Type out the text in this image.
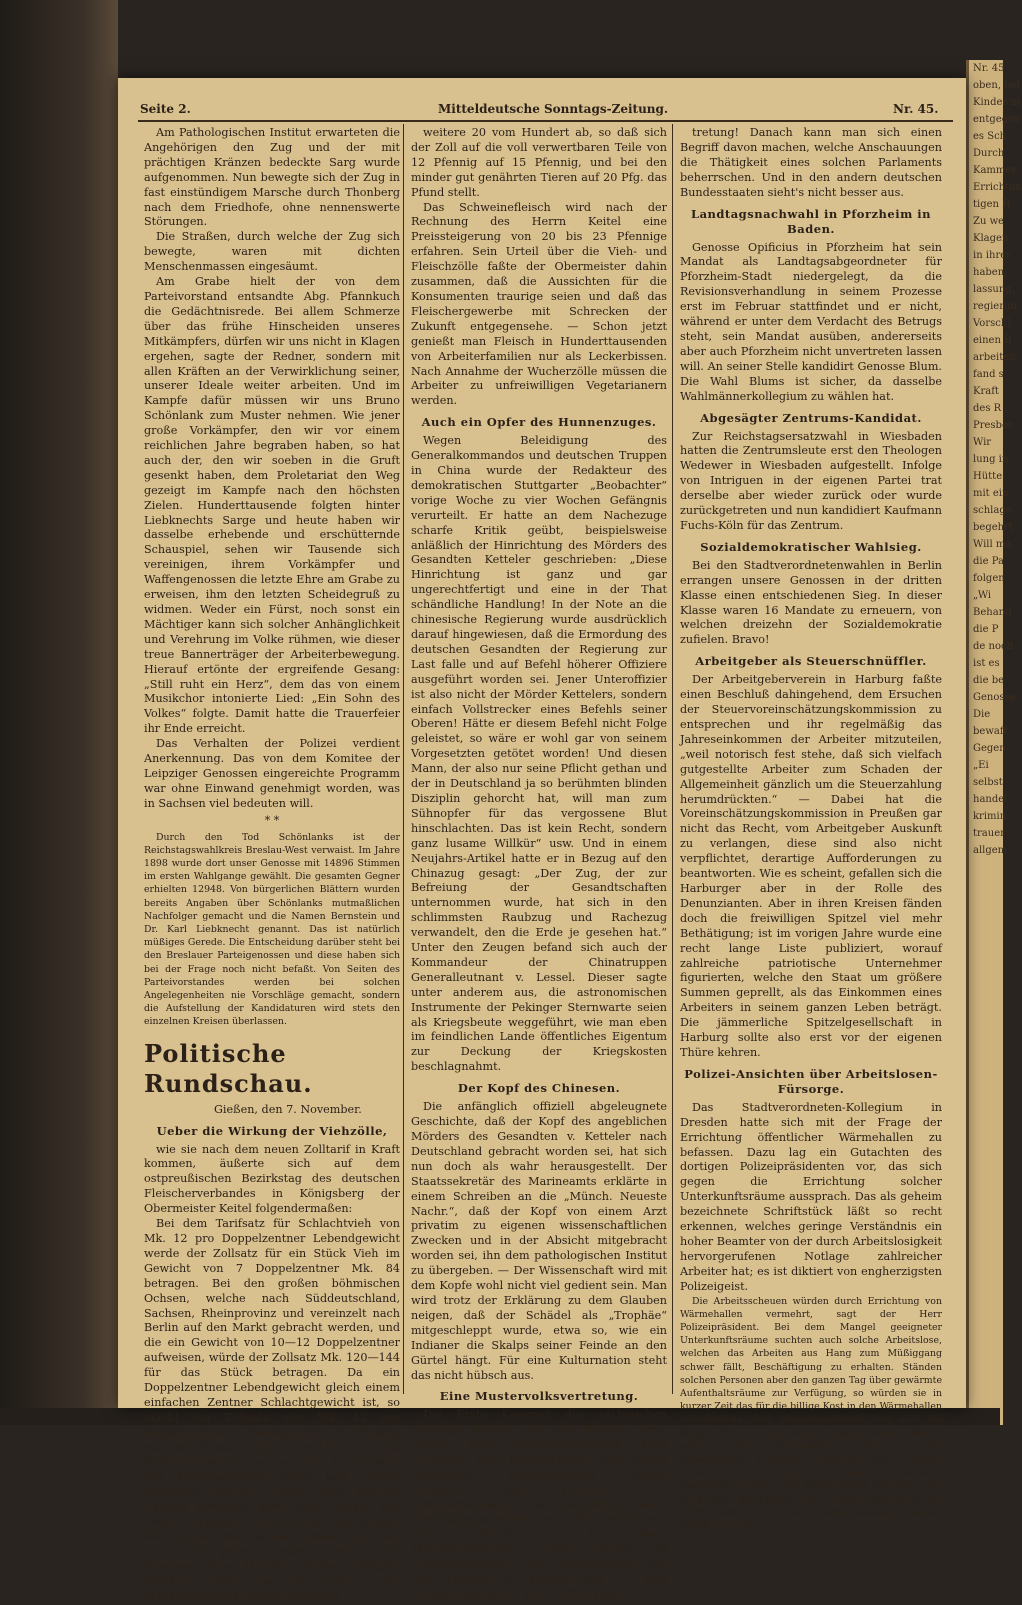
Nr. 45
oben, bei
Kinder m
entgegen
es Sch
Durch
Kammer
Errichtun
tigen H
Zu we
Klagen
in ihrer
haben,
lassung,
regierun
Vorschl
einen B
arbeiten
fand s
Kraft
des R
Presbes
Wir
lung in
Hütte
mit ein
schlage
begehrt
Will ma
die Pa
folgen
„Wi
Behand
die P
de noch
ist es
die be
Genosse
Die
bewaff
Gegen
„Ei
selbst
handel
krimin
trauer
allgem
Seite 2.	Mitteldeutsche Sonntags-Zeitung.	Nr. 45.

Am Pathologischen Institut erwarteten die Angehörigen den Zug und der mit prächtigen Kränzen bedeckte Sarg wurde aufgenommen. Nun bewegte sich der Zug in fast einstündigem Marsche durch Thonberg nach dem Friedhofe, ohne nennenswerte Störungen.

Die Straßen, durch welche der Zug sich bewegte, waren mit dichten Menschenmassen eingesäumt.

Am Grabe hielt der von dem Parteivorstand entsandte Abg. Pfannkuch die Gedächtnisrede. Bei allem Schmerze über das frühe Hinscheiden unseres Mitkämpfers, dürfen wir uns nicht in Klagen ergehen, sagte der Redner, sondern mit allen Kräften an der Verwirklichung seiner, unserer Ideale weiter arbeiten. Und im Kampfe dafür müssen wir uns Bruno Schönlank zum Muster nehmen. Wie jener große Vorkämpfer, den wir vor einem reichlichen Jahre begraben haben, so hat auch der, den wir soeben in die Gruft gesenkt haben, dem Proletariat den Weg gezeigt im Kampfe nach den höchsten Zielen. Hunderttausende folgten hinter Liebknechts Sarge und heute haben wir dasselbe erhebende und erschütternde Schauspiel, sehen wir Tausende sich vereinigen, ihrem Vorkämpfer und Waffengenossen die letzte Ehre am Grabe zu erweisen, ihm den letzten Scheidegruß zu widmen. Weder ein Fürst, noch sonst ein Mächtiger kann sich solcher Anhänglichkeit und Verehrung im Volke rühmen, wie dieser treue Bannerträger der Arbeiterbewegung. Hierauf ertönte der ergreifende Gesang: „Still ruht ein Herz“, dem das von einem Musikchor intonierte Lied: „Ein Sohn des Volkes“ folgte. Damit hatte die Trauerfeier ihr Ende erreicht.

Das Verhalten der Polizei verdient Anerkennung. Das von dem Komitee der Leipziger Genossen eingereichte Programm war ohne Einwand genehmigt worden, was in Sachsen viel bedeuten will.

* *

Durch den Tod Schönlanks ist der Reichstagswahlkreis Breslau-West verwaist. Im Jahre 1898 wurde dort unser Genosse mit 14896 Stimmen im ersten Wahlgange gewählt. Die gesamten Gegner erhielten 12948. Von bürgerlichen Blättern wurden bereits Angaben über Schönlanks mutmaßlichen Nachfolger gemacht und die Namen Bernstein und Dr. Karl Liebknecht genannt. Das ist natürlich müßiges Gerede. Die Entscheidung darüber steht bei den Breslauer Parteigenossen und diese haben sich bei der Frage noch nicht befaßt. Von Seiten des Parteivorstandes werden bei solchen Angelegenheiten nie Vorschläge gemacht, sondern die Aufstellung der Kandidaturen wird stets den einzelnen Kreisen überlassen.

Politische Rundschau.

Gießen, den 7. November.

Ueber die Wirkung der Viehzölle,

wie sie nach dem neuen Zolltarif in Kraft kommen, äußerte sich auf dem ostpreußischen Bezirkstag des deutschen Fleischerverbandes in Königsberg der Obermeister Keitel folgendermaßen:

Bei dem Tarifsatz für Schlachtvieh von Mk. 12 pro Doppelzentner Lebendgewicht werde der Zollsatz für ein Stück Vieh im Gewicht von 7 Doppelzentner Mk. 84 betragen. Bei den großen böhmischen Ochsen, welche nach Süddeutschland, Sachsen, Rheinprovinz und vereinzelt nach Berlin auf den Markt gebracht werden, und die ein Gewicht von 10—12 Doppelzentner aufweisen, würde der Zollsatz Mk. 120—144 für das Stück betragen. Da ein Doppelzentner Lebendgewicht gleich einem einfachen Zentner Schlachtgewicht ist, so macht ein Zollsatz von Mk. 12 pro Doppelzentner Lebendgewicht 12 Pfennig auf das Pfund Schlachtgewicht aus. Das Schlachtgewicht aber sei noch lange nicht das Fleischgewicht. Jeder Laie müsse erkennen, daß bei einem Tiere, das im Ganzen gewogen wird, eine Anzahl von Teilen vorhanden sei, die fast gar keinen Wert haben und auf die deshalb auch ein Zoll nicht gelegt werden dürfe, z. B. Knochen, Beine, Halsteile, Sehnen, Abfälle, Flanken, Fett usw. So gehen vom Schlachtgewicht, wenig gerechnet,

weitere 20 vom Hundert ab, so daß sich der Zoll auf die voll verwertbaren Teile von 12 Pfennig auf 15 Pfennig, und bei den minder gut genährten Tieren auf 20 Pfg. das Pfund stellt.

Das Schweinefleisch wird nach der Rechnung des Herrn Keitel eine Preissteigerung von 20 bis 23 Pfennige erfahren. Sein Urteil über die Vieh- und Fleischzölle faßte der Obermeister dahin zusammen, daß die Aussichten für die Konsumenten traurige seien und daß das Fleischergewerbe mit Schrecken der Zukunft entgegensehe. — Schon jetzt genießt man Fleisch in Hunderttausenden von Arbeiterfamilien nur als Leckerbissen. Nach Annahme der Wucherzölle müssen die Arbeiter zu unfreiwilligen Vegetarianern werden.

Auch ein Opfer des Hunnenzuges.

Wegen Beleidigung des Generalkommandos und deutschen Truppen in China wurde der Redakteur des demokratischen Stuttgarter „Beobachter“ vorige Woche zu vier Wochen Gefängnis verurteilt. Er hatte an dem Nachezuge scharfe Kritik geübt, beispielsweise anläßlich der Hinrichtung des Mörders des Gesandten Ketteler geschrieben: „Diese Hinrichtung ist ganz und gar ungerechtfertigt und eine in der That schändliche Handlung! In der Note an die chinesische Regierung wurde ausdrücklich darauf hingewiesen, daß die Ermordung des deutschen Gesandten der Regierung zur Last falle und auf Befehl höherer Offiziere ausgeführt worden sei. Jener Unteroffizier ist also nicht der Mörder Kettelers, sondern einfach Vollstrecker eines Befehls seiner Oberen! Hätte er diesem Befehl nicht Folge geleistet, so wäre er wohl gar von seinem Vorgesetzten getötet worden! Und diesen Mann, der also nur seine Pflicht gethan und der in Deutschland ja so berühmten blinden Disziplin gehorcht hat, will man zum Sühnopfer für das vergossene Blut hinschlachten. Das ist kein Recht, sondern ganz lusame Willkür“ usw. Und in einem Neujahrs-Artikel hatte er in Bezug auf den Chinazug gesagt: „Der Zug, der zur Befreiung der Gesandtschaften unternommen wurde, hat sich in den schlimmsten Raubzug und Rachezug verwandelt, den die Erde je gesehen hat.“ Unter den Zeugen befand sich auch der Kommandeur der Chinatruppen Generalleutnant v. Lessel. Dieser sagte unter anderem aus, die astronomischen Instrumente der Pekinger Sternwarte seien als Kriegsbeute weggeführt, wie man eben im feindlichen Lande öffentliches Eigentum zur Deckung der Kriegskosten beschlagnahmt.

Der Kopf des Chinesen.

Die anfänglich offiziell abgeleugnete Geschichte, daß der Kopf des angeblichen Mörders des Gesandten v. Ketteler nach Deutschland gebracht worden sei, hat sich nun doch als wahr herausgestellt. Der Staatssekretär des Marineamts erklärte in einem Schreiben an die „Münch. Neueste Nachr.“, daß der Kopf von einem Arzt privatim zu eigenen wissenschaftlichen Zwecken und in der Absicht mitgebracht worden sei, ihn dem pathologischen Institut zu übergeben. — Der Wissenschaft wird mit dem Kopfe wohl nicht viel gedient sein. Man wird trotz der Erklärung zu dem Glauben neigen, daß der Schädel als „Trophäe“ mitgeschleppt wurde, etwa so, wie ein Indianer die Skalps seiner Feinde an den Gürtel hängt. Für eine Kulturnation steht das nicht hübsch aus.

Eine Mustervolksvertretung.

Die Erste Kammer des sächsischen Landtags besteht aus drei Prinzen, zehn Grafen, neun Rittergutsbesitzern, zwei Freiherrn, fünf Kammerherrn, drei hohen geistlichen Würdenträgern, einem Domherrn, einem Professor, drei Kommerzienräten, einem Geheimrat, sieben Oberbürgermeistern, zwei Bürgermeistern, einem Minister a. D., einem Ministerialdirektor. Unter diesen 49 „Volksvertretern“ sind einschließlich der drei Prinzen 25 adelige und 29 sind Großgrundbesitzer. Eine nette „Volks“ver-

tretung! Danach kann man sich einen Begriff davon machen, welche Anschauungen die Thätigkeit eines solchen Parlaments beherrschen. Und in den andern deutschen Bundesstaaten sieht's nicht besser aus.

Landtagsnachwahl in Pforzheim in Baden.

Genosse Opificius in Pforzheim hat sein Mandat als Landtagsabgeordneter für Pforzheim-Stadt niedergelegt, da die Revisionsverhandlung in seinem Prozesse erst im Februar stattfindet und er nicht, während er unter dem Verdacht des Betrugs steht, sein Mandat ausüben, andererseits aber auch Pforzheim nicht unvertreten lassen will. An seiner Stelle kandidirt Genosse Blum. Die Wahl Blums ist sicher, da dasselbe Wahlmännerkollegium zu wählen hat.

Abgesägter Zentrums-Kandidat.

Zur Reichstagsersatzwahl in Wiesbaden hatten die Zentrumsleute erst den Theologen Wedewer in Wiesbaden aufgestellt. Infolge von Intriguen in der eigenen Partei trat derselbe aber wieder zurück oder wurde zurückgetreten und nun kandidiert Kaufmann Fuchs-Köln für das Zentrum.

Sozialdemokratischer Wahlsieg.

Bei den Stadtverordnetenwahlen in Berlin errangen unsere Genossen in der dritten Klasse einen entschiedenen Sieg. In dieser Klasse waren 16 Mandate zu erneuern, von welchen dreizehn der Sozialdemokratie zufielen. Bravo!

Arbeitgeber als Steuerschnüffler.

Der Arbeitgeberverein in Harburg faßte einen Beschluß dahingehend, dem Ersuchen der Steuervoreinschätzungskommission zu entsprechen und ihr regelmäßig das Jahreseinkommen der Arbeiter mitzuteilen, „weil notorisch fest stehe, daß sich vielfach gutgestellte Arbeiter zum Schaden der Allgemeinheit gänzlich um die Steuerzahlung herumdrückten.“ — Dabei hat die Voreinschätzungskommission in Preußen gar nicht das Recht, vom Arbeitgeber Auskunft zu verlangen, diese sind also nicht verpflichtet, derartige Aufforderungen zu beantworten. Wie es scheint, gefallen sich die Harburger aber in der Rolle des Denunzianten. Aber in ihren Kreisen fänden doch die freiwilligen Spitzel viel mehr Bethätigung; ist im vorigen Jahre wurde eine recht lange Liste publiziert, worauf zahlreiche patriotische Unternehmer figurierten, welche den Staat um größere Summen geprellt, als das Einkommen eines Arbeiters in seinem ganzen Leben beträgt. Die jämmerliche Spitzelgesellschaft in Harburg sollte also erst vor der eigenen Thüre kehren.

Polizei-Ansichten über Arbeitslosen-Fürsorge.

Das Stadtverordneten-Kollegium in Dresden hatte sich mit der Frage der Errichtung öffentlicher Wärmehallen zu befassen. Dazu lag ein Gutachten des dortigen Polizeipräsidenten vor, das sich gegen die Errichtung solcher Unterkunftsräume aussprach. Das als geheim bezeichnete Schriftstück läßt so recht erkennen, welches geringe Verständnis ein hoher Beamter von der durch Arbeitslosigkeit hervorgerufenen Notlage zahlreicher Arbeiter hat; es ist diktiert von engherzigsten Polizeigeist.

Die Arbeitsscheuen würden durch Errichtung von Wärmehallen vermehrt, sagt der Herr Polizeipräsident. Bei dem Mangel geeigneter Unterkunftsräume suchten auch solche Arbeitslose, welchen das Arbeiten aus Hang zum Müßiggang schwer fällt, Beschäftigung zu erhalten. Ständen solchen Personen aber den ganzen Tag über gewärmte Aufenthaltsräume zur Verfügung, so würden sie in kurzer Zeit das für die billige Kost in den Wärmehallen erforderliche Geld zusammenbetteln und sich die übrige Zeit in den Hallen herumtreiben. Weiter würden diese Wärmehallen nicht nur der Sammelpunkt schlechter Elemente aus Dresden, sondern auch derjenigen der nahen und weiteren Umgebung werden. Die Bürgerschaft Dresdens, die doch dazu die Kosten trage, werde also durch die Wärmehallen in erhöhtem Maße belästigt werden. Gewiß sei zugu-
